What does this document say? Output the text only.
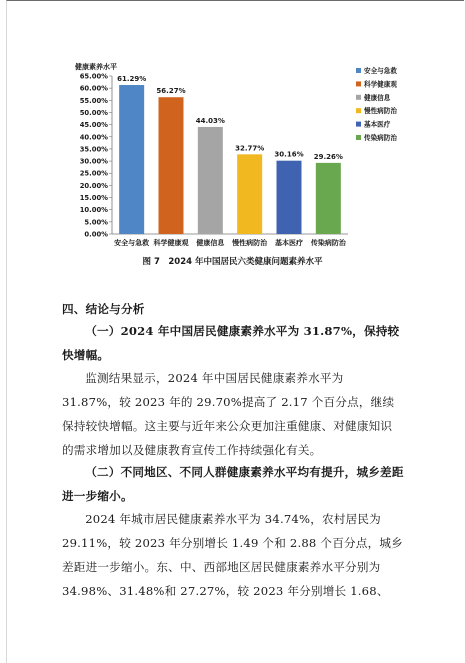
健康素养水平
0.00%
5.00%
10.00%
15.00%
20.00%
25.00%
30.00%
35.00%
40.00%
45.00%
50.00%
55.00%
60.00%
65.00% 61.29%
安全与急救
56.27%
科学健康观
44.03%
健康信息
32.77%
慢性病防治
30.16%
基本医疗
29.26%
传染病防治
安全与急救
科学健康观
健康信息
慢性病防治
基本医疗
传染病防治
图 7　2024 年中国居民六类健康问题素养水平
四、结论与分析

（一）2024 年中国居民健康素养水平为 31.87%，保持较快增幅。

监测结果显示，2024 年中国居民健康素养水平为 31.87%，较 2023 年的 29.70%提高了 2.17 个百分点，继续保持较快增幅。这主要与近年来公众更加注重健康、对健康知识的需求增加以及健康教育宣传工作持续强化有关。

（二）不同地区、不同人群健康素养水平均有提升，城乡差距进一步缩小。

2024 年城市居民健康素养水平为 34.74%，农村居民为 29.11%，较 2023 年分别增长 1.49 个和 2.88 个百分点，城乡差距进一步缩小。东、中、西部地区居民健康素养水平分别为 34.98%、31.48%和 27.27%，较 2023 年分别增长 1.68、
